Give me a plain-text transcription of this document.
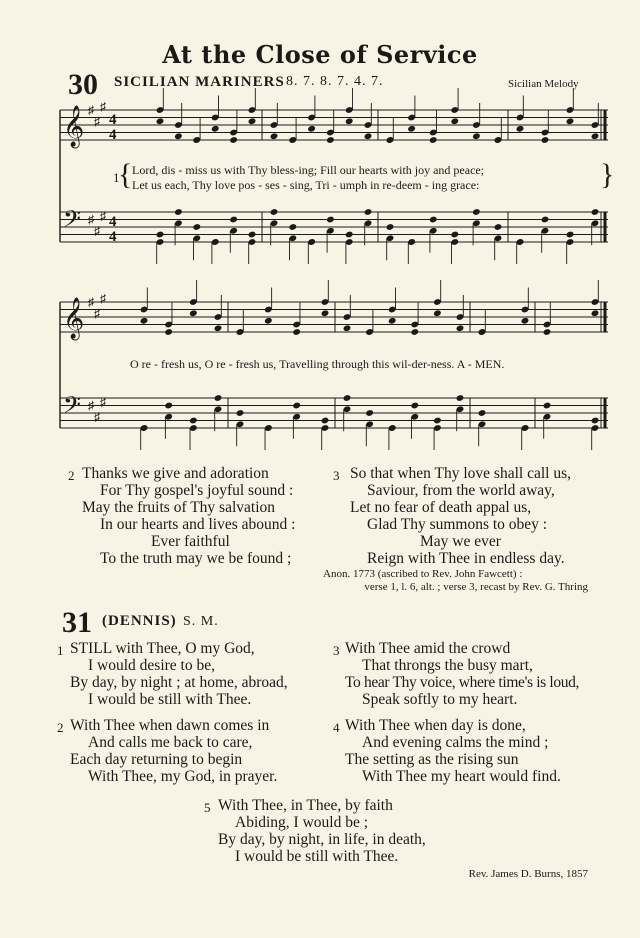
At the Close of Service
30 SICILIAN MARINERS 8. 7. 8. 7. 4. 7.	Sicilian Melody
𝄞 ♯
♯
♯
4
4
𝄢 ♯
♯
♯ 4
4
𝄞 ♯
♯
♯
𝄢 ♯
♯
♯
1
{ Lord, dis - miss us with Thy bless-ing; Fill our hearts with joy and peace;
Let us each, Thy love pos - ses - sing, Tri - umph in re-deem - ing grace:	}
O re - fresh us, O re - fresh us, Travelling through this wil-der-ness. A - MEN.
2 Thanks we give and adoration
For Thy gospel's joyful sound :
May the fruits of Thy salvation
In our hearts and lives abound :
Ever faithful
To the truth may we be found ;
3 So that when Thy love shall call us,
Saviour, from the world away,
Let no fear of death appal us,
Glad Thy summons to obey :
May we ever
Reign with Thee in endless day.
Anon. 1773 (ascribed to Rev. John Fawcett) :
verse 1, l. 6, alt. ; verse 3, recast by Rev. G. Thring
31 (DENNIS) S. M.
1 STILL with Thee, O my God,
I would desire to be,
By day, by night ; at home, abroad,
I would be still with Thee.
3 With Thee amid the crowd
That throngs the busy mart,
To hear Thy voice, where time's is loud,
Speak softly to my heart.
2 With Thee when dawn comes in
And calls me back to care,
Each day returning to begin
With Thee, my God, in prayer.
4 With Thee when day is done,
And evening calms the mind ;
The setting as the rising sun
With Thee my heart would find.
5 With Thee, in Thee, by faith
Abiding, I would be ;
By day, by night, in life, in death,
I would be still with Thee.
Rev. James D. Burns, 1857
